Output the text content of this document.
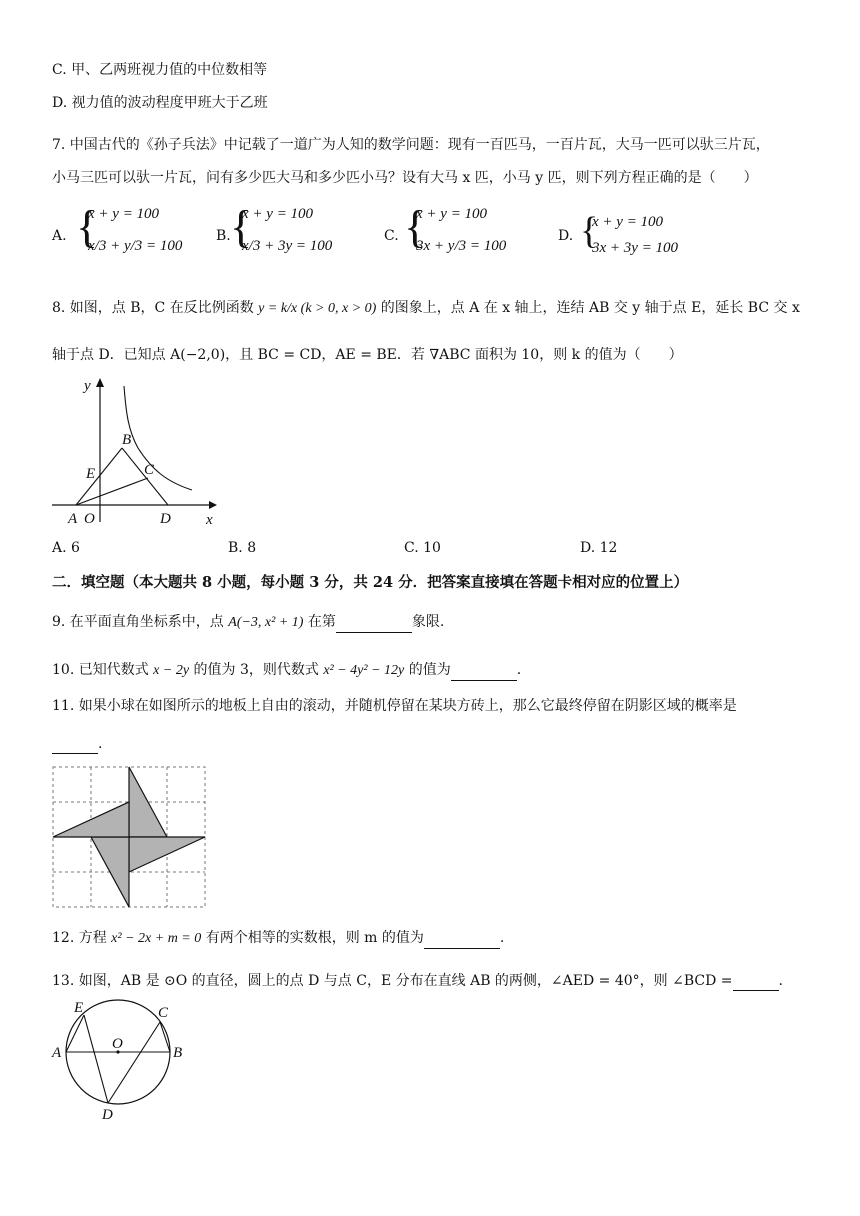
C. 甲、乙两班视力值的中位数相等
D. 视力值的波动程度甲班大于乙班
7. 中国古代的《孙子兵法》中记载了一道广为人知的数学问题：现有一百匹马，一百片瓦，大马一匹可以驮三片瓦，
小马三匹可以驮一片瓦，问有多少匹大马和多少匹小马？设有大马 x 匹，小马 y 匹，则下列方程正确的是（　　）
A. {
x + y = 100
x/3 + y/3 = 100
B. {
x + y = 100
x/3 + 3y = 100
C. {
x + y = 100
3x + y/3 = 100
D. {
x + y = 100
3x + 3y = 100
8. 如图，点 B，C 在反比例函数 y = k/x (k > 0, x > 0) 的图象上，点 A 在 x 轴上，连结 AB 交 y 轴于点 E，延长 BC 交 x
轴于点 D．已知点 A(−2,0)，且 BC = CD，AE = BE．若 ∇ABC 面积为 10，则 k 的值为（　　）
y
B
E	C
A O	D x
A. 6	B. 8	C. 10	D. 12
二．填空题（本大题共 8 小题，每小题 3 分，共 24 分．把答案直接填在答题卡相对应的位置上）
9. 在平面直角坐标系中，点 A(−3, x² + 1) 在第	象限.
10. 已知代数式 x − 2y 的值为 3，则代数式 x² − 4y² − 12y 的值为	.
11. 如果小球在如图所示的地板上自由的滚动，并随机停留在某块方砖上，那么它最终停留在阴影区域的概率是
.
12. 方程 x² − 2x + m = 0 有两个相等的实数根，则 m 的值为	.
13. 如图，AB 是 ⊙O 的直径，圆上的点 D 与点 C，E 分布在直线 AB 的两侧，∠AED = 40°，则 ∠BCD =	.
E	C
A
O
B
D
